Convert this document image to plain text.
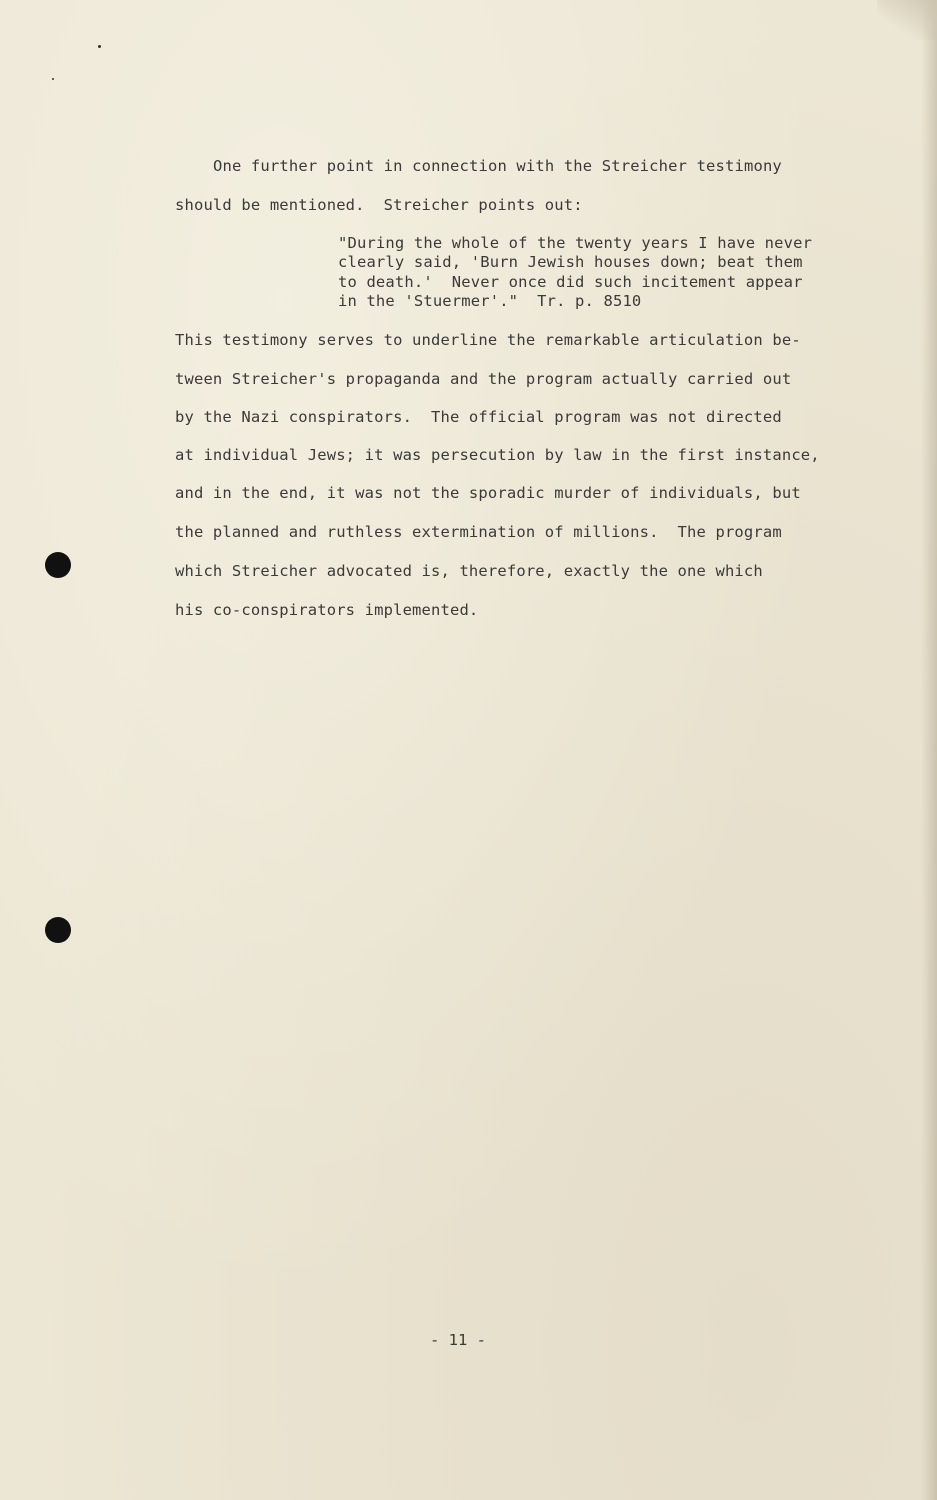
One further point in connection with the Streicher testimony
should be mentioned.  Streicher points out:
"During the whole of the twenty years I have never
clearly said, 'Burn Jewish houses down; beat them
to death.'  Never once did such incitement appear
in the 'Stuermer'."  Tr. p. 8510
This testimony serves to underline the remarkable articulation be-
tween Streicher's propaganda and the program actually carried out
by the Nazi conspirators.  The official program was not directed
at individual Jews; it was persecution by law in the first instance,
and in the end, it was not the sporadic murder of individuals, but
the planned and ruthless extermination of millions.  The program
which Streicher advocated is, therefore, exactly the one which
his co-conspirators implemented.
- 11 -
